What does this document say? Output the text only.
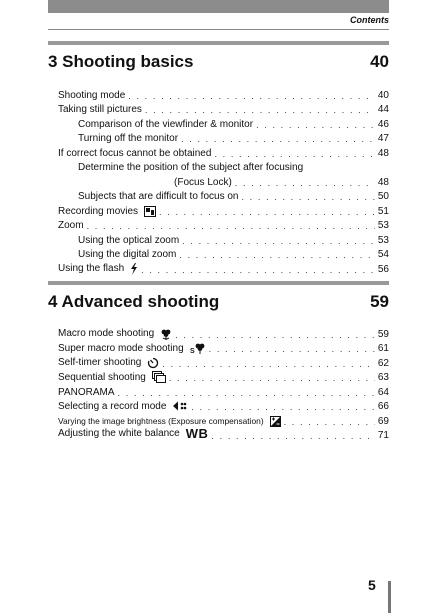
Contents
3 Shooting basics	40
Shooting mode . . .	40
Taking still pictures . . .	44
Comparison of the viewfinder & monitor . . .	46
Turning off the monitor . . .	47
If correct focus cannot be obtained . . .	48
Determine the position of the subject after focusing
(Focus Lock) . . .	48
Subjects that are difficult to focus on . . .	50
Recording movies . . .	51
Zoom . . .	53
Using the optical zoom . . .	53
Using the digital zoom . . .	54
Using the flash . . .	56
4 Advanced shooting	59
Macro mode shooting . . .	59
Super macro mode shooting S . . .	61
Self-timer shooting . . .	62
Sequential shooting . . .	63
PANORAMA . . .	64
Selecting a record mode . . .	66
Varying the image brightness (Exposure compensation) . . .	69
Adjusting the white balance WB . . .	71
5
